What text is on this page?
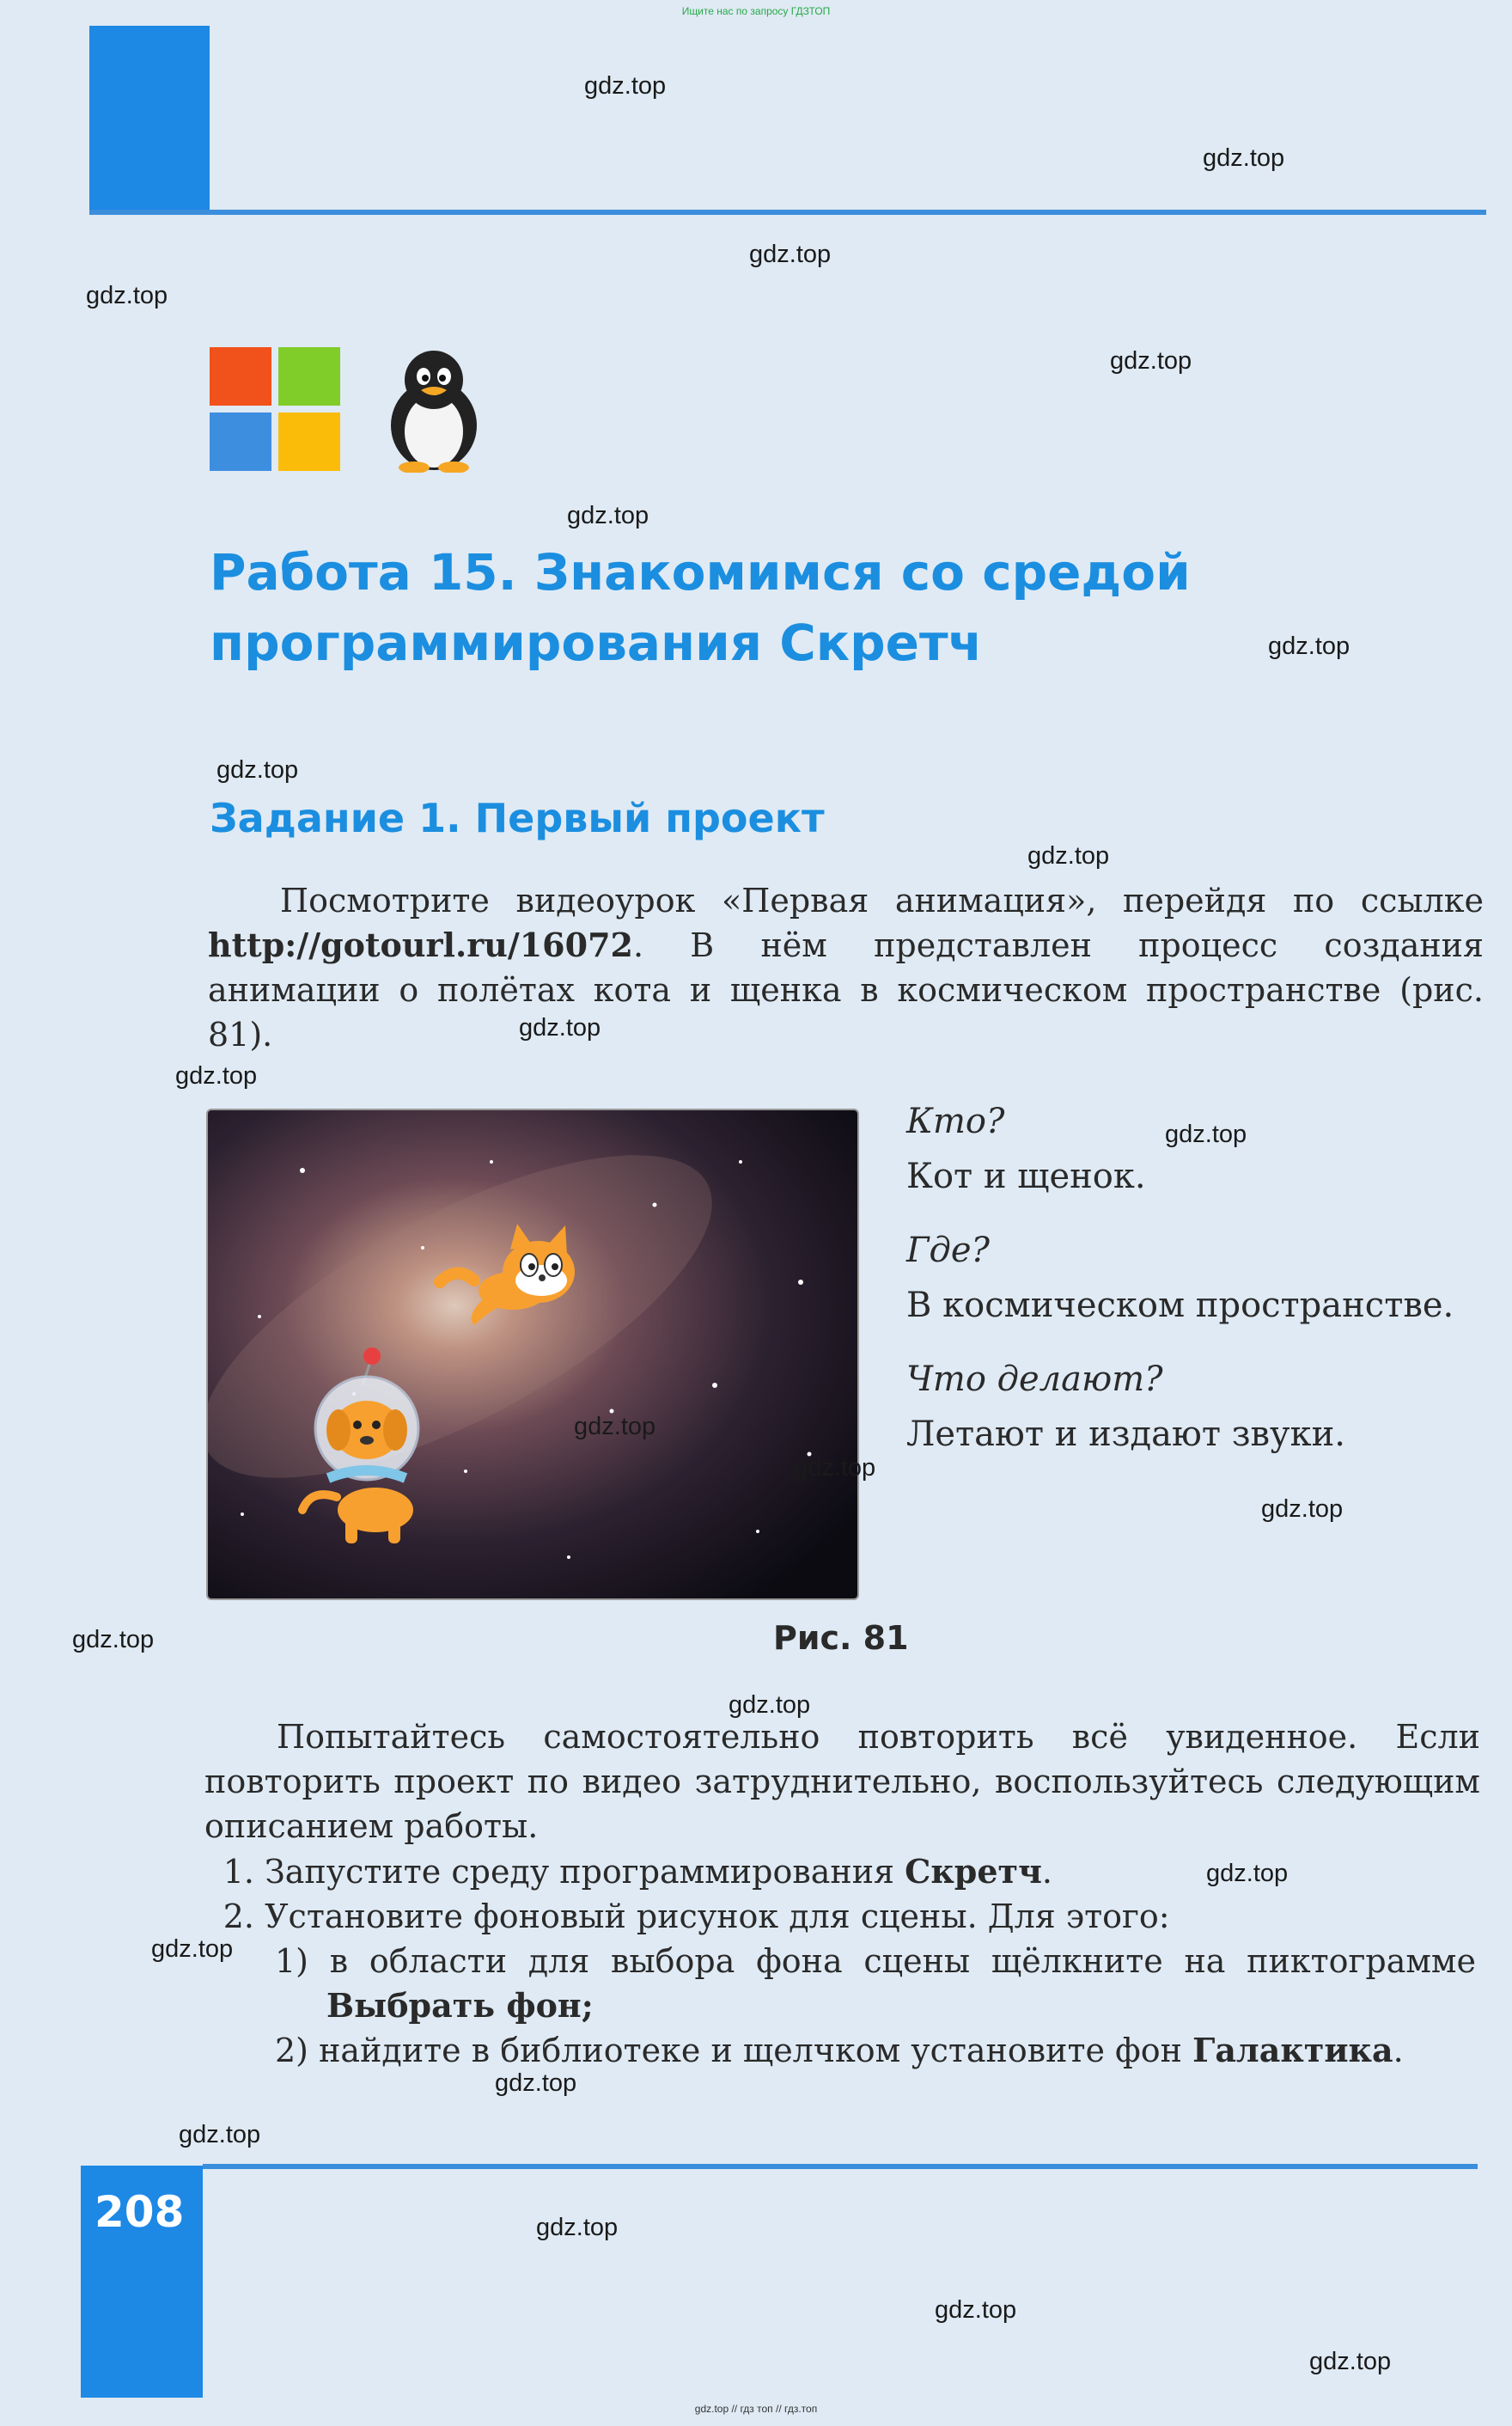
Ищите нас по запросу ГДЗТОП
Работа 15. Знакомимся со средой программирования Скретч
Задание 1. Первый проект
Посмотрите видеоурок «Первая анимация», перейдя по ссылке http://gotourl.ru/16072. В нём представлен процесс создания анимации о полётах кота и щенка в космическом пространстве (рис. 81).
Кто?
Кот и щенок.
Где?
В космическом пространстве.
Что делают?
Летают и издают звуки.
Рис. 81
Попытайтесь самостоятельно повторить всё увиденное. Если повторить проект по видео затруднительно, воспользуйтесь следующим описанием работы.
1. Запустите среду программирования Скретч.
2. Установите фоновый рисунок для сцены. Для этого:
1) в области для выбора фона сцены щёлкните на пиктограмме Выбрать фон;
2) найдите в библиотеке и щелчком установите фон Галактика.
208
gdz.top
gdz.top
gdz.top
gdz.top
gdz.top
gdz.top
gdz.top
gdz.top
gdz.top
gdz.top
gdz.top
gdz.top
gdz.top
gdz.top
gdz.top
gdz.top
gdz.top
gdz.top
gdz.top
gdz.top
gdz.top
gdz.top
gdz.top
gdz.top
gdz.top // гдз топ // гдз.топ
